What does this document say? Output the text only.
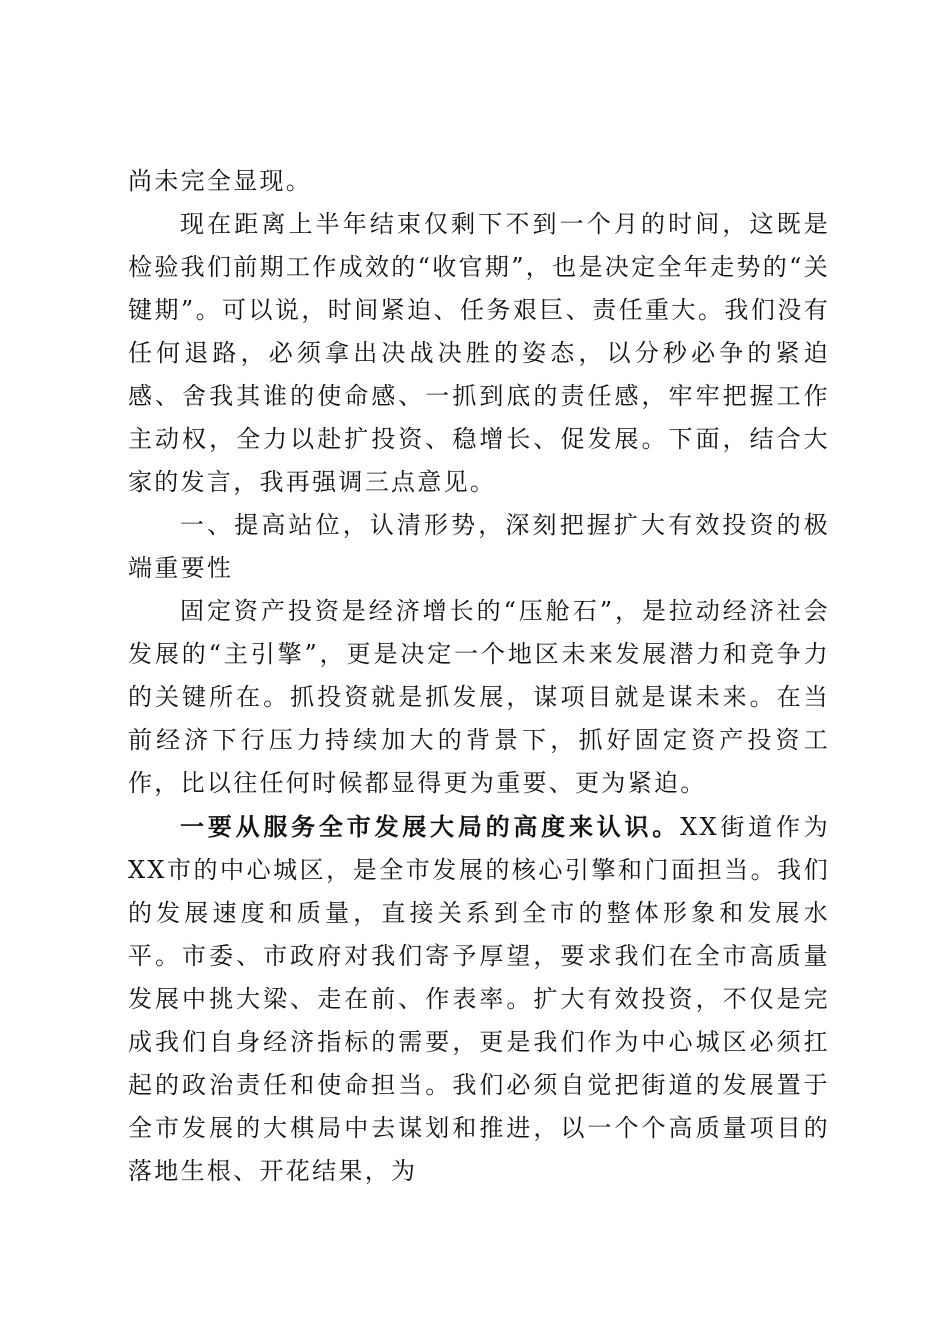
尚未完全显现。

现在距离上半年结束仅剩下不到一个月的时间，这既是检验我们前期工作成效的“收官期”，也是决定全年走势的“关键期”。可以说，时间紧迫、任务艰巨、责任重大。我们没有任何退路，必须拿出决战决胜的姿态，以分秒必争的紧迫感、舍我其谁的使命感、一抓到底的责任感，牢牢把握工作主动权，全力以赴扩投资、稳增长、促发展。下面，结合大家的发言，我再强调三点意见。

一、提高站位，认清形势，深刻把握扩大有效投资的极端重要性

固定资产投资是经济增长的“压舱石”，是拉动经济社会发展的“主引擎”，更是决定一个地区未来发展潜力和竞争力的关键所在。抓投资就是抓发展，谋项目就是谋未来。在当前经济下行压力持续加大的背景下，抓好固定资产投资工作，比以往任何时候都显得更为重要、更为紧迫。

一要从服务全市发展大局的高度来认识。XX街道作为XX市的中心城区，是全市发展的核心引擎和门面担当。我们的发展速度和质量，直接关系到全市的整体形象和发展水平。市委、市政府对我们寄予厚望，要求我们在全市高质量发展中挑大梁、走在前、作表率。扩大有效投资，不仅是完成我们自身经济指标的需要，更是我们作为中心城区必须扛起的政治责任和使命担当。我们必须自觉把街道的发展置于全市发展的大棋局中去谋划和推进，以一个个高质量项目的落地生根、开花结果，为
